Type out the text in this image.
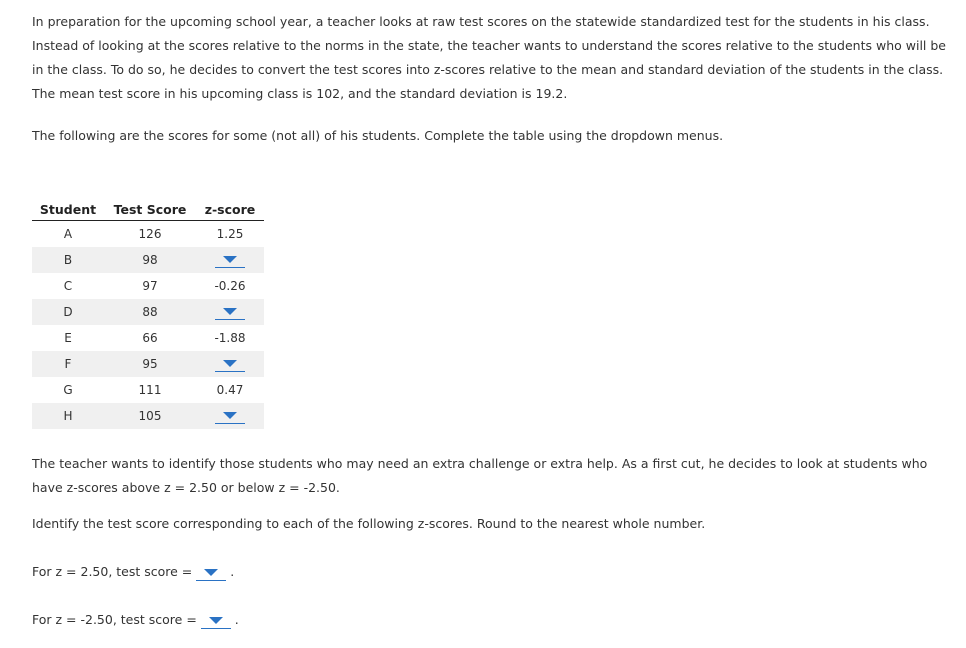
In preparation for the upcoming school year, a teacher looks at raw test scores on the statewide standardized test for the students in his class. Instead of looking at the scores relative to the norms in the state, the teacher wants to understand the scores relative to the students who will be in the class. To do so, he decides to convert the test scores into z-scores relative to the mean and standard deviation of the students in the class. The mean test score in his upcoming class is 102, and the standard deviation is 19.2.

The following are the scores for some (not all) of his students. Complete the table using the dropdown menus.

Student	Test Score	z-score
A	126	1.25
B	98	

C	97	-0.26
D	88	

E	66	-1.88
F	95	

G	111	0.47
H	105	

The teacher wants to identify those students who may need an extra challenge or extra help. As a first cut, he decides to look at students who have z-scores above z = 2.50 or below z = -2.50.

Identify the test score corresponding to each of the following z-scores. Round to the nearest whole number.

For z = 2.50, test score =	.
For z = -2.50, test score =	.
